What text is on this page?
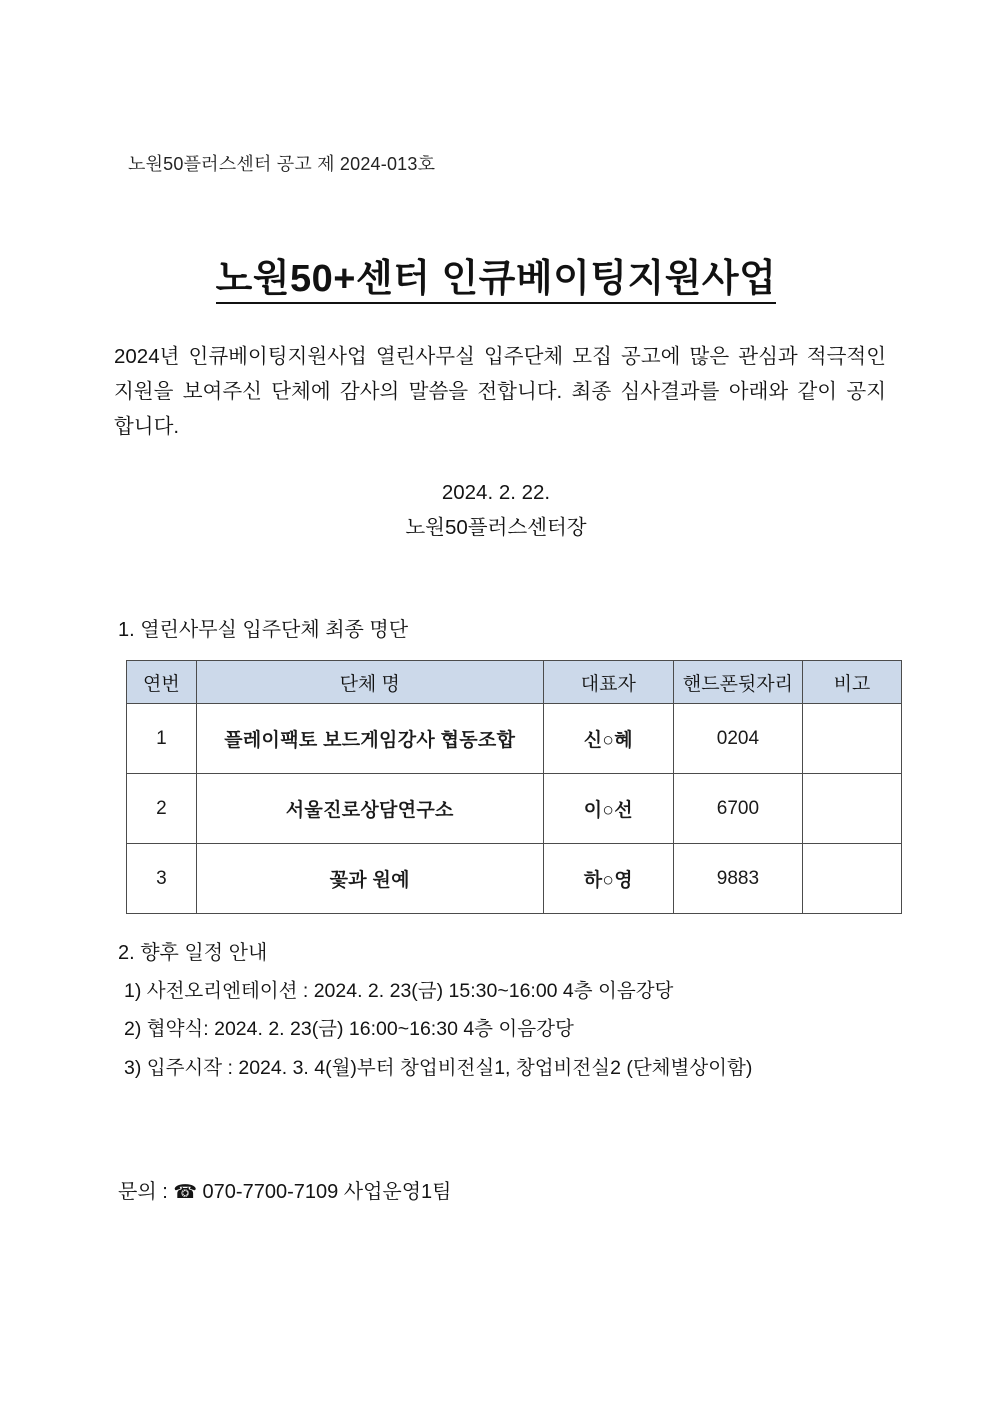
노원50플러스센터 공고 제 2024-013호
노원50+센터 인큐베이팅지원사업

2024년 인큐베이팅지원사업 열린사무실 입주단체 모집 공고에 많은 관심과 적극적인 지원을 보여주신 단체에 감사의 말씀을 전합니다. 최종 심사결과를 아래와 같이 공지합니다.

2024. 2. 22.
노원50플러스센터장
1. 열린사무실 입주단체 최종 명단
연번	단체 명	대표자	핸드폰뒷자리	비고
1	플레이팩토 보드게임강사 협동조합	신○혜	0204	
2	서울진로상담연구소	이○선	6700	
3	꽃과 원예	하○영	9883	
2. 향후 일정 안내
1) 사전오리엔테이션 : 2024. 2. 23(금) 15:30~16:00 4층 이음강당
2) 협약식: 2024. 2. 23(금) 16:00~16:30 4층 이음강당
3) 입주시작 : 2024. 3. 4(월)부터 창업비전실1, 창업비전실2 (단체별상이함)
문의 : ☎ 070-7700-7109 사업운영1팀
